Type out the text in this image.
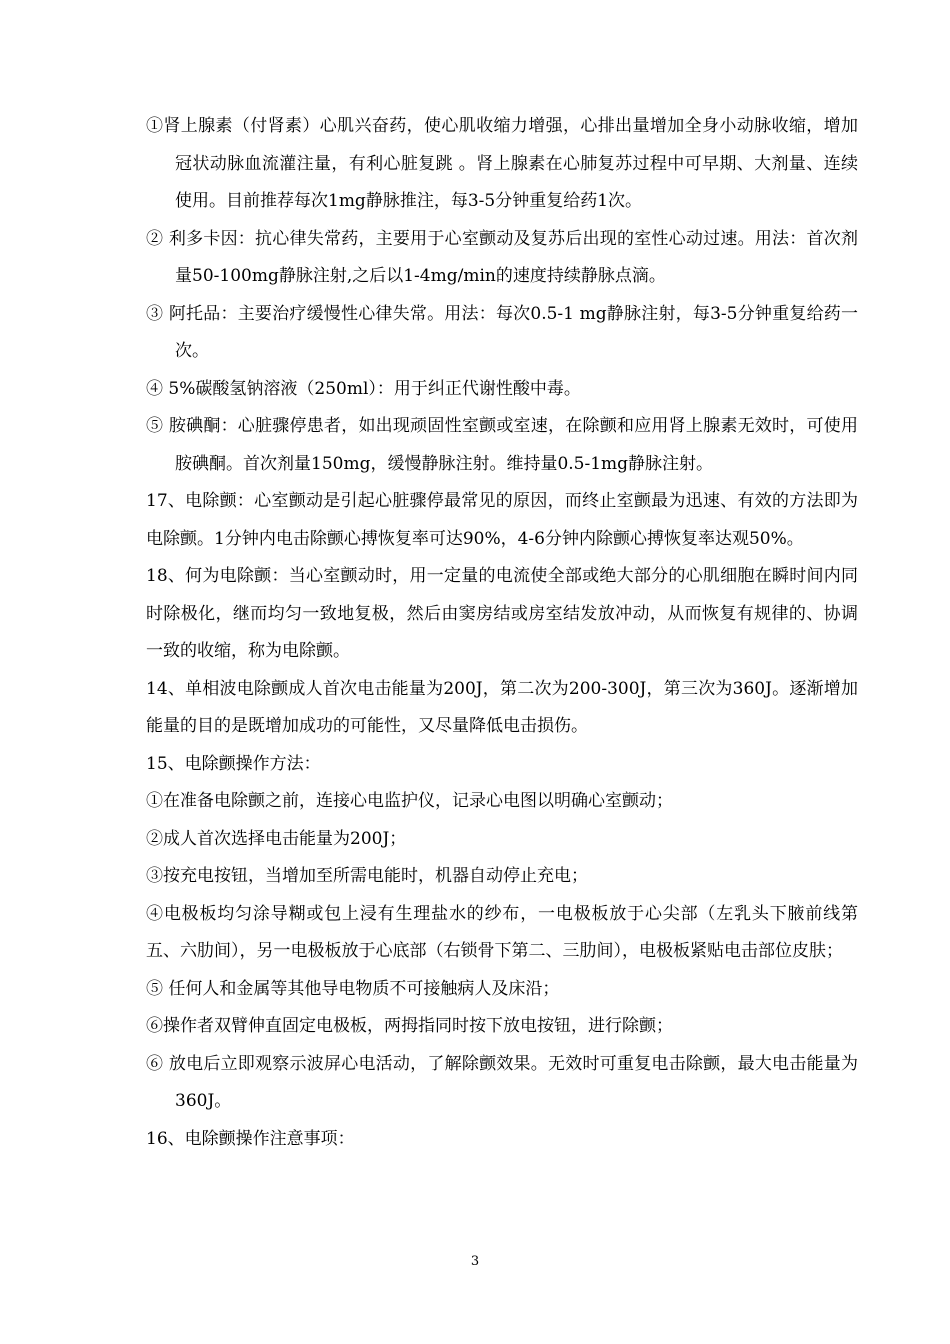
①肾上腺素（付肾素）心肌兴奋药，使心肌收缩力增强，心排出量增加全身小动脉收缩，增加冠状动脉血流灌注量，有利心脏复跳 。肾上腺素在心肺复苏过程中可早期、大剂量、连续使用。目前推荐每次1mg静脉推注，每3-5分钟重复给药1次。

② 利多卡因：抗心律失常药，主要用于心室颤动及复苏后出现的室性心动过速。用法：首次剂量50-100mg静脉注射,之后以1-4mg/min的速度持续静脉点滴。

③ 阿托品：主要治疗缓慢性心律失常。用法：每次0.5-1 mg静脉注射，每3-5分钟重复给药一次。

④ 5%碳酸氢钠溶液（250ml）：用于纠正代谢性酸中毒。

⑤ 胺碘酮：心脏骤停患者，如出现顽固性室颤或室速，在除颤和应用肾上腺素无效时，可使用胺碘酮。首次剂量150mg，缓慢静脉注射。维持量0.5-1mg静脉注射。

17、电除颤：心室颤动是引起心脏骤停最常见的原因，而终止室颤最为迅速、有效的方法即为电除颤。1分钟内电击除颤心搏恢复率可达90%，4-6分钟内除颤心搏恢复率达观50%。

18、何为电除颤：当心室颤动时，用一定量的电流使全部或绝大部分的心肌细胞在瞬时间内同时除极化，继而均匀一致地复极，然后由窦房结或房室结发放冲动，从而恢复有规律的、协调一致的收缩，称为电除颤。

14、单相波电除颤成人首次电击能量为200J，第二次为200-300J，第三次为360J。逐渐增加能量的目的是既增加成功的可能性，又尽量降低电击损伤。

15、电除颤操作方法：

①在准备电除颤之前，连接心电监护仪，记录心电图以明确心室颤动；

②成人首次选择电击能量为200J；

③按充电按钮，当增加至所需电能时，机器自动停止充电；

④电极板均匀涂导糊或包上浸有生理盐水的纱布，一电极板放于心尖部（左乳头下腋前线第五、六肋间），另一电极板放于心底部（右锁骨下第二、三肋间），电极板紧贴电击部位皮肤；

⑤ 任何人和金属等其他导电物质不可接触病人及床沿；

⑥操作者双臂伸直固定电极板，两拇指同时按下放电按钮，进行除颤；

⑥ 放电后立即观察示波屏心电活动，了解除颤效果。无效时可重复电击除颤，最大电击能量为360J。

16、电除颤操作注意事项：

3
